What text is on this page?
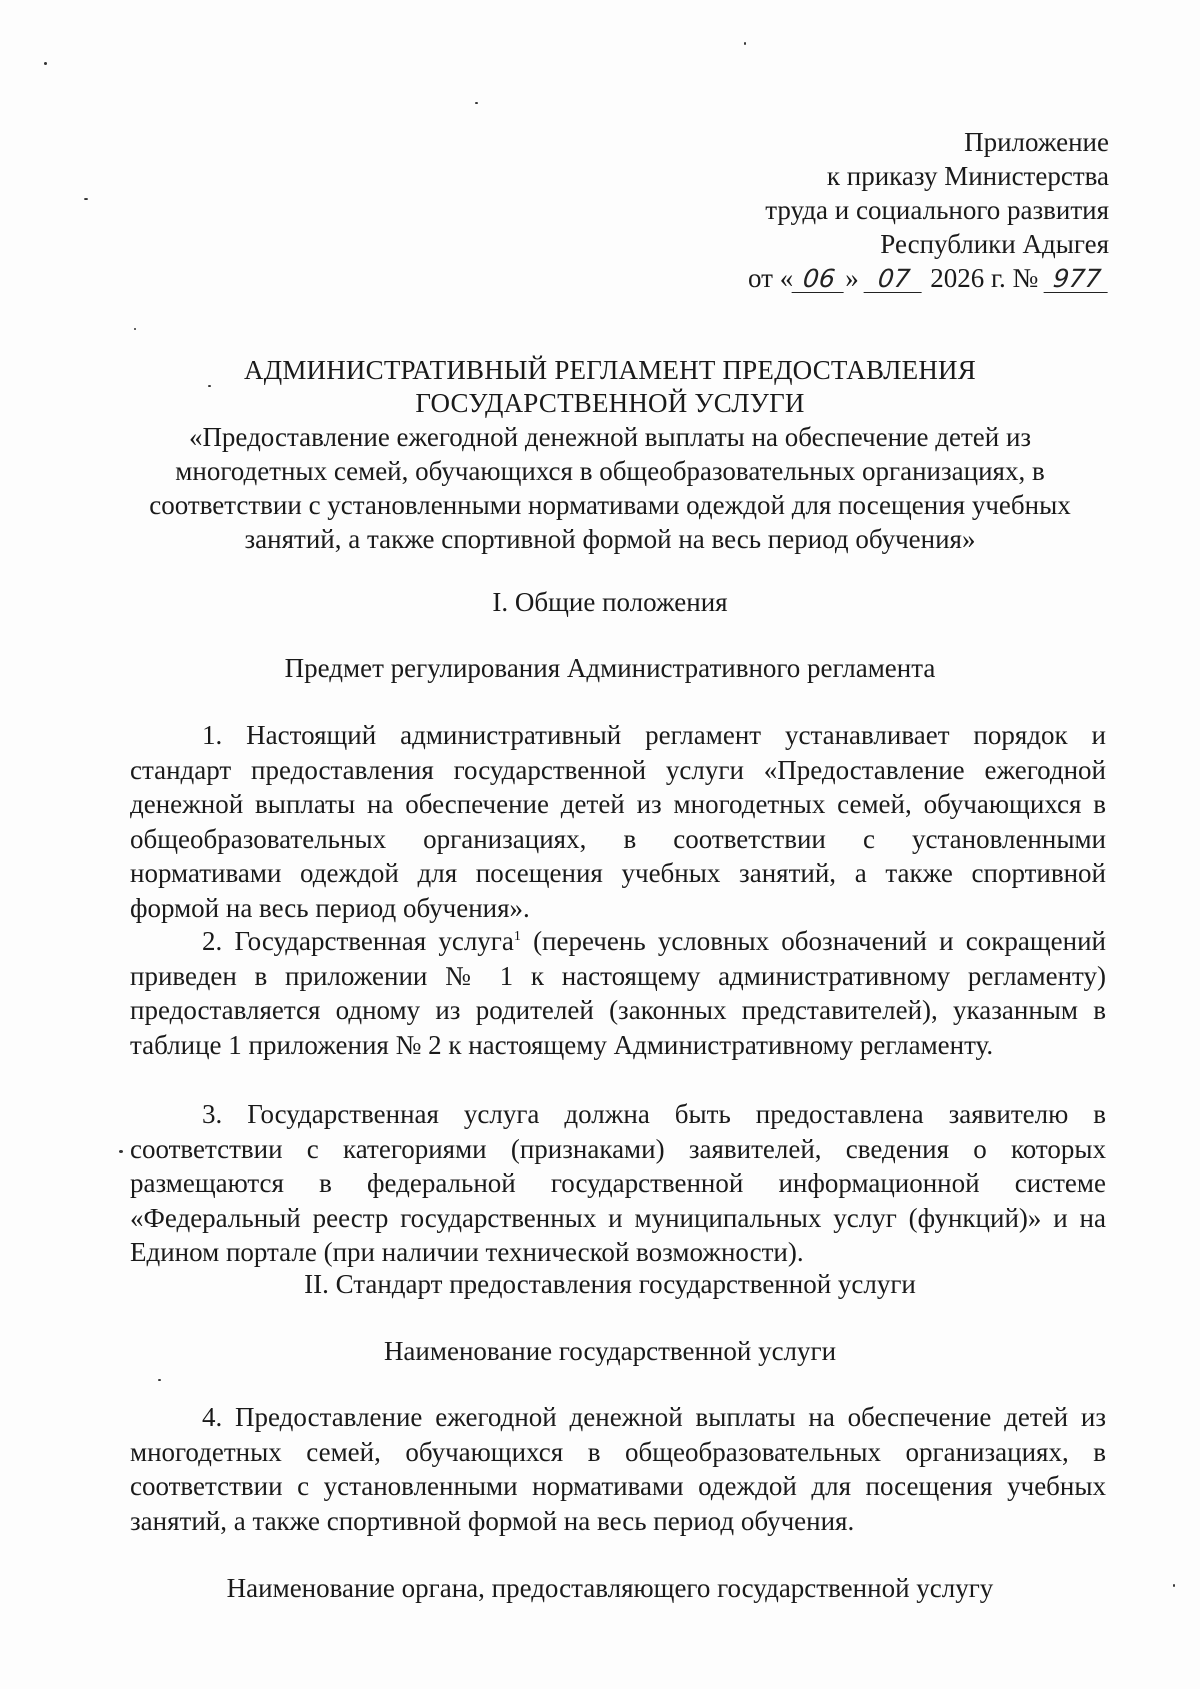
Приложение
к приказу Министерства
труда и социального развития
Республики Адыгея
от « 06 » 07 2026 г. № 977
АДМИНИСТРАТИВНЫЙ РЕГЛАМЕНТ ПРЕДОСТАВЛЕНИЯ
ГОСУДАРСТВЕННОЙ УСЛУГИ
«Предоставление ежегодной денежной выплаты на обеспечение детей из многодетных семей, обучающихся в общеобразовательных организациях, в соответствии с установленными нормативами одеждой для посещения учебных занятий, а также спортивной формой на весь период обучения»
I. Общие положения
Предмет регулирования Административного регламента
1. Настоящий административный регламент устанавливает порядок и стандарт предоставления государственной услуги «Предоставление ежегодной денежной выплаты на обеспечение детей из многодетных семей, обучающихся в общеобразовательных организациях, в соответствии с установленными нормативами одеждой для посещения учебных занятий, а также спортивной формой на весь период обучения».
2. Государственная услуга$^1$ (перечень условных обозначений и сокращений приведен в приложении № 1 к настоящему административному регламенту) предоставляется одному из родителей (законных представителей), указанным в таблице 1 приложения № 2 к настоящему Административному регламенту.
3. Государственная услуга должна быть предоставлена заявителю в соответствии с категориями (признаками) заявителей, сведения о которых размещаются в федеральной государственной информационной системе «Федеральный реестр государственных и муниципальных услуг (функций)» и на Едином портале (при наличии технической возможности).
II. Стандарт предоставления государственной услуги
Наименование государственной услуги
4. Предоставление ежегодной денежной выплаты на обеспечение детей из многодетных семей, обучающихся в общеобразовательных организациях, в соответствии с установленными нормативами одеждой для посещения учебных занятий, а также спортивной формой на весь период обучения.
Наименование органа, предоставляющего государственной услугу
